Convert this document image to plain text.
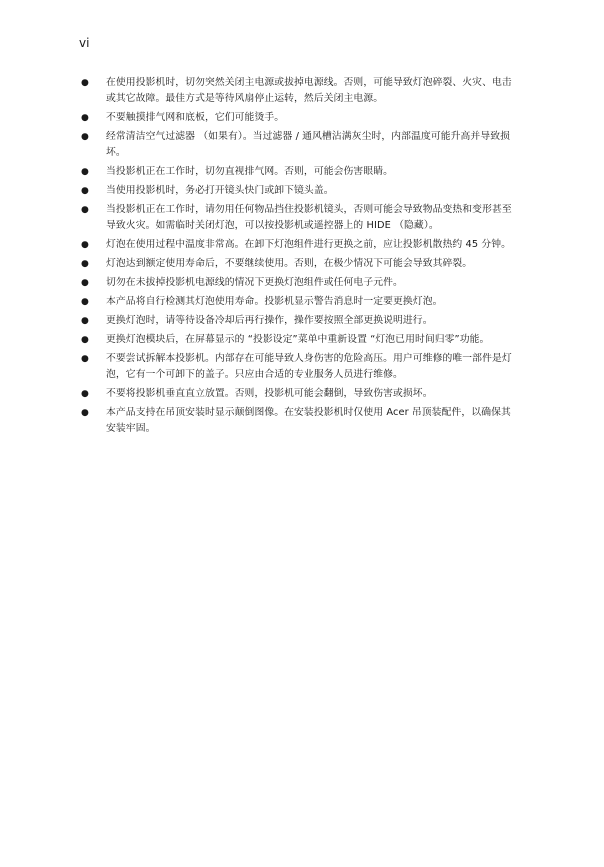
vi
● 在使用投影机时，切勿突然关闭主电源或拔掉电源线。否则，可能导致灯泡碎裂、火灾、电击或其它故障。最佳方式是等待风扇停止运转，然后关闭主电源。
● 不要触摸排气网和底板，它们可能烫手。
● 经常清洁空气过滤器 （如果有）。当过滤器 / 通风槽沾满灰尘时，内部温度可能升高并导致损坏。
● 当投影机正在工作时，切勿直视排气网。否则，可能会伤害眼睛。
● 当使用投影机时，务必打开镜头快门或卸下镜头盖。
● 当投影机正在工作时，请勿用任何物品挡住投影机镜头，否则可能会导致物品变热和变形甚至导致火灾。如需临时关闭灯泡，可以按投影机或遥控器上的 HIDE （隐藏）。
● 灯泡在使用过程中温度非常高。在卸下灯泡组件进行更换之前，应让投影机散热约 45 分钟。
● 灯泡达到额定使用寿命后，不要继续使用。否则，在极少情况下可能会导致其碎裂。
● 切勿在未拔掉投影机电源线的情况下更换灯泡组件或任何电子元件。
● 本产品将自行检测其灯泡使用寿命。投影机显示警告消息时一定要更换灯泡。
● 更换灯泡时，请等待设备冷却后再行操作，操作要按照全部更换说明进行。
● 更换灯泡模块后，在屏幕显示的 “投影设定”菜单中重新设置 “灯泡已用时间归零”功能。
● 不要尝试拆解本投影机。内部存在可能导致人身伤害的危险高压。用户可维修的唯一部件是灯泡，它有一个可卸下的盖子。只应由合适的专业服务人员进行维修。
● 不要将投影机垂直直立放置。否则，投影机可能会翻倒，导致伤害或损坏。
● 本产品支持在吊顶安装时显示颠倒图像。在安装投影机时仅使用 Acer 吊顶装配件，以确保其安装牢固。
